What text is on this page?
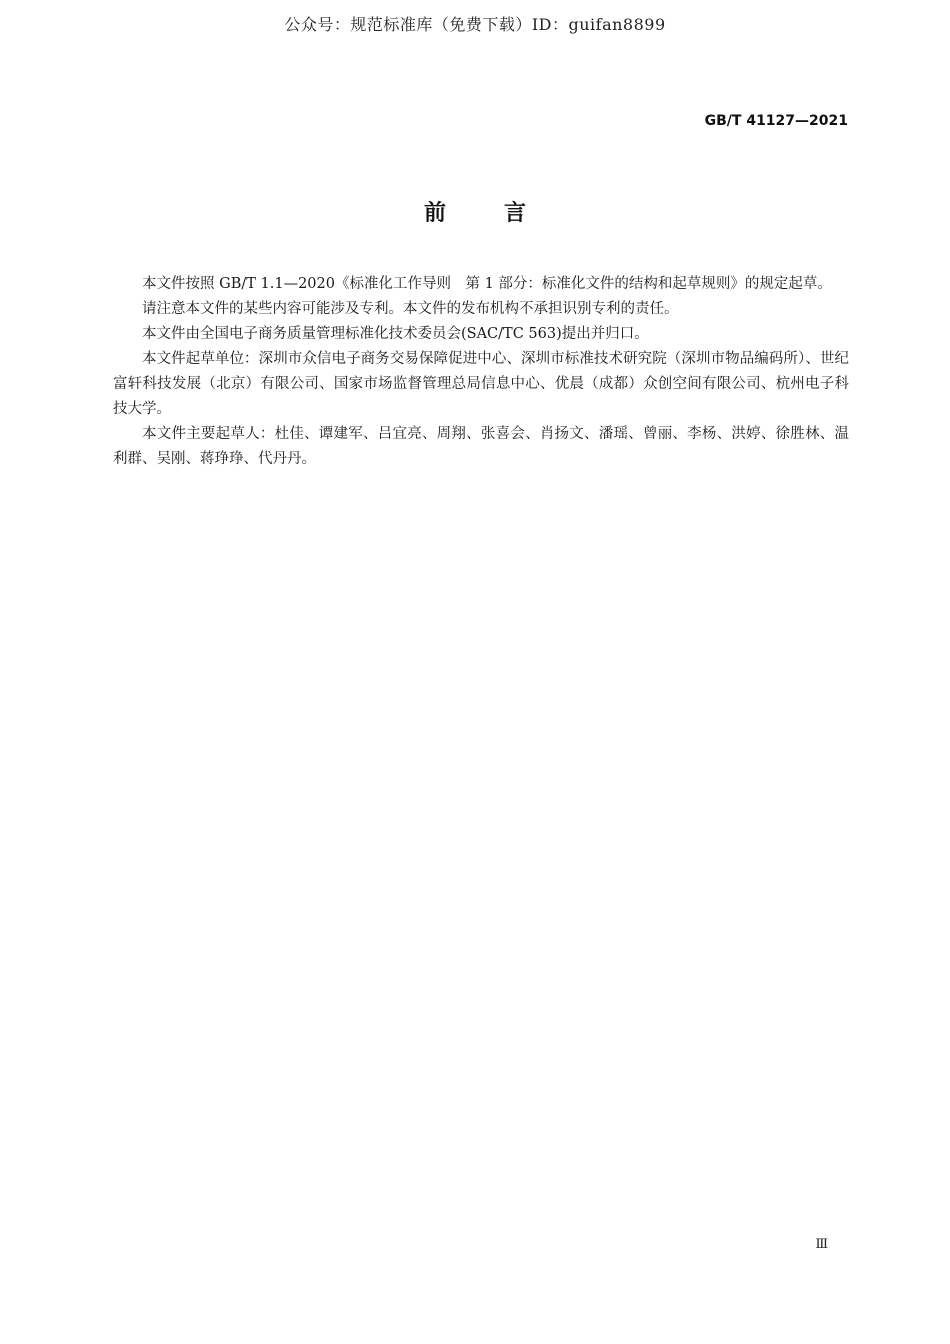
公众号：规范标准库（免费下载）ID：guifan8899
GB/T 41127—2021
前言

本文件按照 GB/T 1.1—2020《标准化工作导则　第 1 部分：标准化文件的结构和起草规则》的规定起草。

请注意本文件的某些内容可能涉及专利。本文件的发布机构不承担识别专利的责任。

本文件由全国电子商务质量管理标准化技术委员会(SAC/TC 563)提出并归口。

本文件起草单位：深圳市众信电子商务交易保障促进中心、深圳市标准技术研究院（深圳市物品编码所）、世纪富轩科技发展（北京）有限公司、国家市场监督管理总局信息中心、优晨（成都）众创空间有限公司、杭州电子科技大学。

本文件主要起草人：杜佳、谭建军、吕宜亮、周翔、张喜会、肖扬文、潘瑶、曾丽、李杨、洪婷、徐胜林、温利群、吴刚、蒋琤琤、代丹丹。

Ⅲ
